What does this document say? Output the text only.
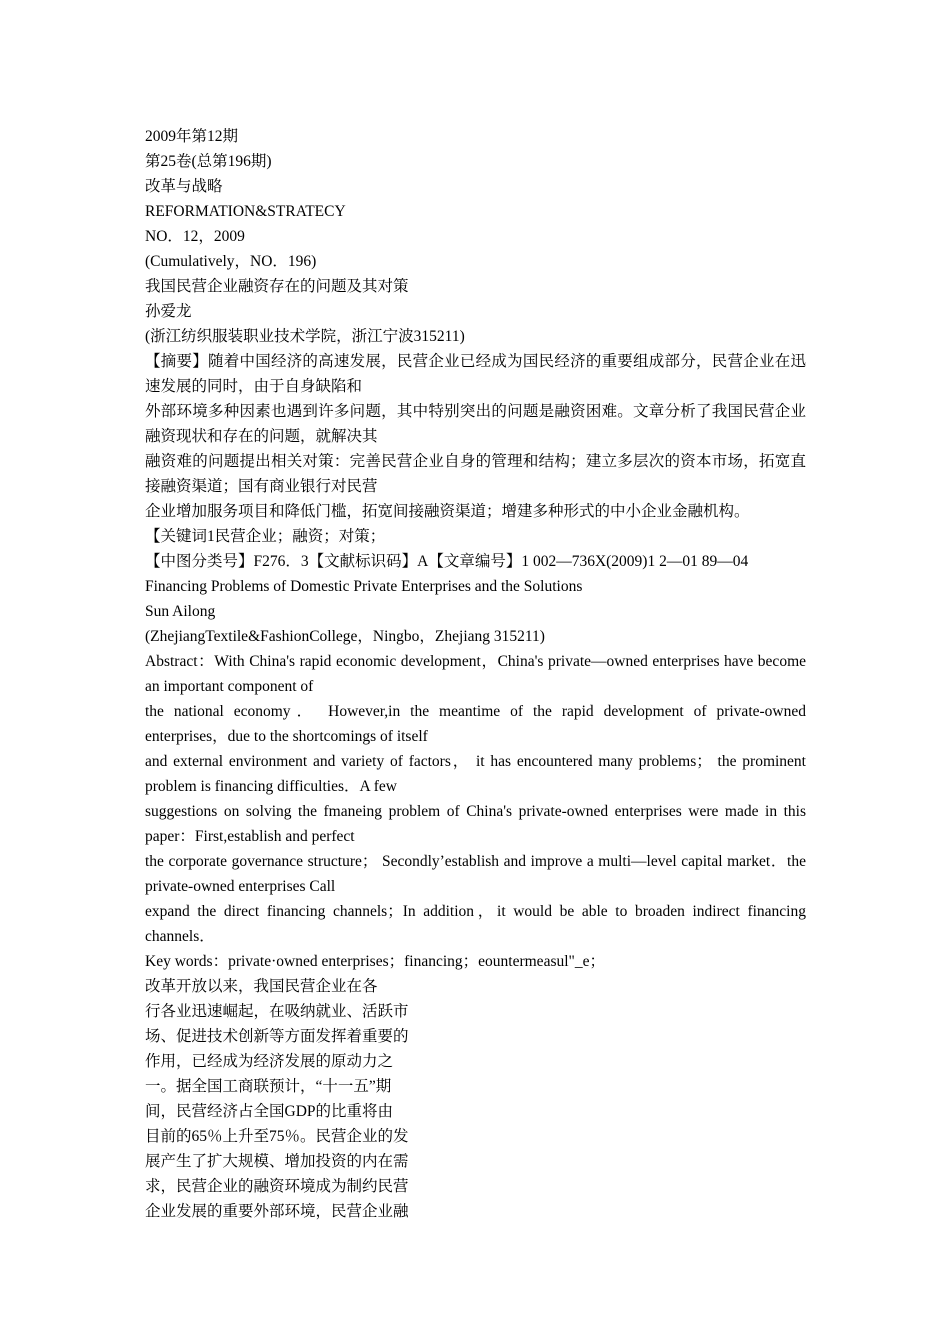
2009年第12期

第25卷(总第196期)

改革与战略

REFORMATION&STRATECY

NO．12，2009

(Cumulatively，NO．196)

我国民营企业融资存在的问题及其对策

孙爱龙

(浙江纺织服装职业技术学院，浙江宁波315211)

【摘要】随着中国经济的高速发展，民营企业已经成为国民经济的重要组成部分，民营企业在迅速发展的同时，由于自身缺陷和

外部环境多种因素也遇到许多问题，其中特别突出的问题是融资困难。文章分析了我国民营企业融资现状和存在的问题，就解决其

融资难的问题提出相关对策：完善民营企业自身的管理和结构；建立多层次的资本市场，拓宽直接融资渠道；国有商业银行对民营

企业增加服务项目和降低门槛，拓宽间接融资渠道；增建多种形式的中小企业金融机构。

【关键词1民营企业；融资；对策；

【中图分类号】F276．3【文献标识码】A【文章编号】1 002—736X(2009)1 2—01 89—04

Financing Problems of Domestic Private Enterprises and the Solutions

Sun Ailong

(ZhejiangTextile&FashionCollege，Ningbo，Zhejiang 315211)

Abstract：With China's rapid economic development，China's private—owned enterprises have become an important component of

the national economy． However,in the meantime of the rapid development of private-owned enterprises，due to the shortcomings of itself

and external environment and variety of factors， it has encountered many problems； the prominent problem is financing difficulties．A few

suggestions on solving the fmaneing problem of China's private-owned enterprises were made in this paper：First,establish and perfect

the corporate governance structure； Secondly’establish and improve a multi—level capital market．the private-owned enterprises Call

expand the direct financing channels；In addition，it would be able to broaden indirect financing channels．

Key words：private·owned enterprises；financing；eountermeasul"_e；

改革开放以来，我国民营企业在各

行各业迅速崛起，在吸纳就业、活跃市

场、促进技术创新等方面发挥着重要的

作用，已经成为经济发展的原动力之

一。据全国工商联预计，“十一五”期

间，民营经济占全国GDP的比重将由

目前的65％上升至75％。民营企业的发

展产生了扩大规模、增加投资的内在需

求，民营企业的融资环境成为制约民营

企业发展的重要外部环境，民营企业融
